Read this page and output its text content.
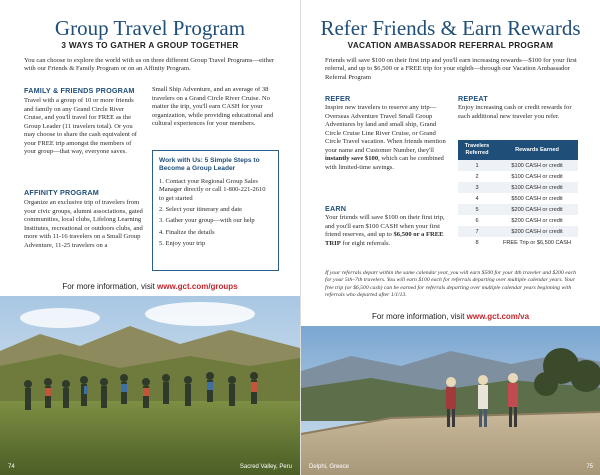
Group Travel Program
3 WAYS TO GATHER A GROUP TOGETHER
You can choose to explore the world with us on three different Group Travel Programs—either with our Friends & Family Program or on an Affinity Program.
FAMILY & FRIENDS PROGRAM
Travel with a group of 10 or more friends and family on any Grand Circle River Cruise, and you'll travel for FREE as the Group Leader (11 travelers total). Or you may choose to share the cash equivalent of your FREE trip amongst the members of your group—that way, everyone saves.
AFFINITY PROGRAM
Organize an exclusive trip of travelers from your civic groups, alumni associations, gated communities, local clubs, Lifelong Learning Institutes, recreational or outdoors clubs, and more with 11-16 travelers on a Small Group Adventure, 11-25 travelers on a
Small Ship Adventure, and an average of 38 travelers on a Grand Circle River Cruise. No matter the trip, you'll earn CASH for your organization, while providing educational and cultural experiences for your members.
Work with Us: 5 Simple Steps to Become a Group Leader
1. Contact your Regional Group Sales Manager directly or call 1-800-221-2610 to get started
2. Select your itinerary and date
3. Gather your group—with our help
4. Finalize the details
5. Enjoy your trip
For more information, visit www.gct.com/groups
74	Sacred Valley, Peru
Refer Friends & Earn Rewards
VACATION AMBASSADOR REFERRAL PROGRAM
Friends will save $100 on their first trip and you'll earn increasing rewards—$100 for your first referral, and up to $6,500 or a FREE trip for your eighth—through our Vacation Ambassador Referral Program
REFER
Inspire new travelers to reserve any trip—Overseas Adventure Travel Small Group Adventures by land and small ship, Grand Circle Cruise Line River Cruise, or Grand Circle Travel vacation. When friends mention your name and Customer Number, they'll instantly save $100, which can be combined with limited-time savings.
EARN
Your friends will save $100 on their first trip, and you'll earn $100 CASH when your first friend reserves, and up to $6,500 or a FREE TRIP for eight referrals.
REPEAT
Enjoy increasing cash or credit rewards for each additional new traveler you refer.
Travelers Referred	Rewards Earned
1	$100 CASH or credit
2	$100 CASH or credit
3	$100 CASH or credit
4	$500 CASH or credit
5	$200 CASH or credit
6	$200 CASH or credit
7	$200 CASH or credit
8	FREE Trip or $6,500 CASH
If your referrals depart within the same calendar year, you will earn $500 for your 4th traveler and $200 each for your 5th–7th travelers. You will earn $100 each for referrals departing over multiple calendar years. Your free trip (or $6,500 cash) can be earned for referrals departing over multiple calendar years beginning with referrals who departed after 1/1/13.
For more information, visit www.gct.com/va
Delphi, Greece	75
